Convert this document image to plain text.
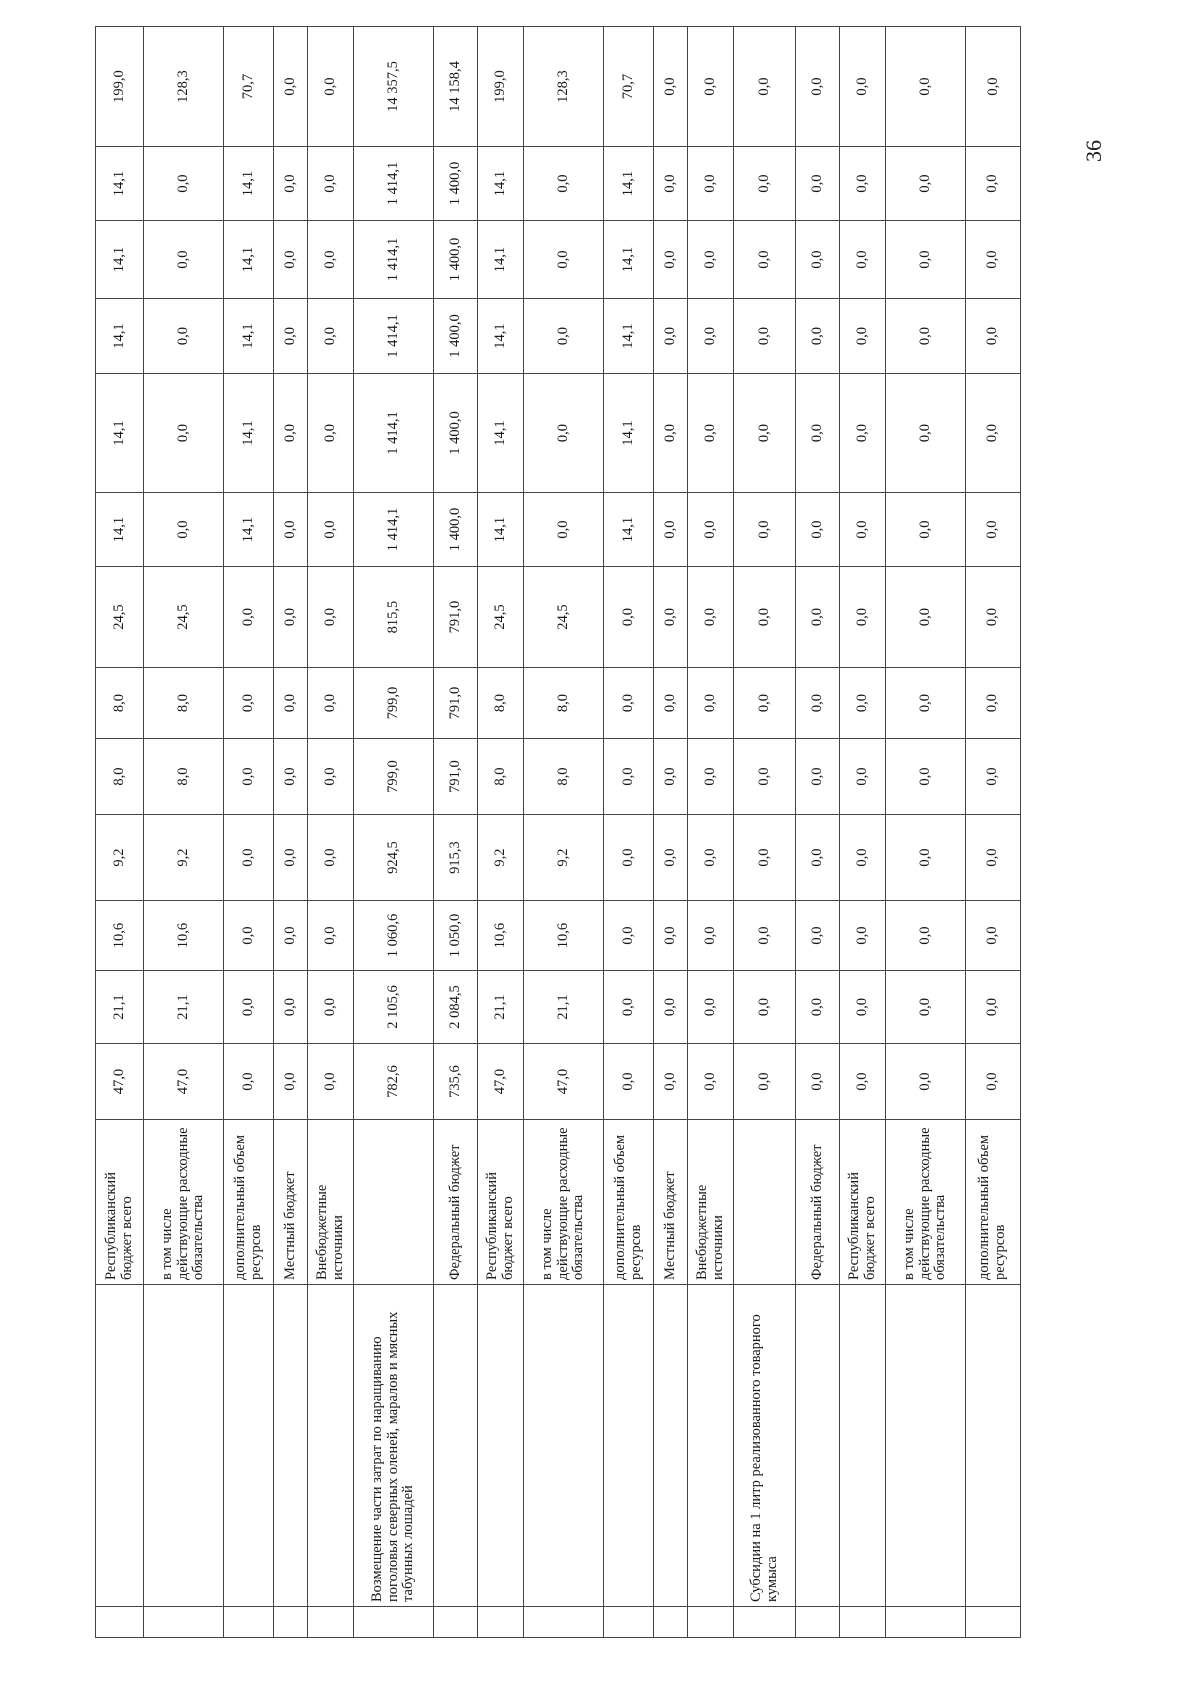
36
		Республиканский бюджет всего	47,0	21,1	10,6	9,2	8,0	8,0	24,5	14,1	14,1	14,1	14,1	14,1	199,0
		в том числе действующие расходные обязательства	47,0	21,1	10,6	9,2	8,0	8,0	24,5	0,0	0,0	0,0	0,0	0,0	128,3
		дополнительный объем ресурсов	0,0	0,0	0,0	0,0	0,0	0,0	0,0	14,1	14,1	14,1	14,1	14,1	70,7
		Местный бюджет	0,0	0,0	0,0	0,0	0,0	0,0	0,0	0,0	0,0	0,0	0,0	0,0	0,0
		Внебюджетные источники	0,0	0,0	0,0	0,0	0,0	0,0	0,0	0,0	0,0	0,0	0,0	0,0	0,0
	Возмещение части затрат по наращиванию поголовья северных оленей, маралов и мясных табунных лошадей		782,6	2 105,6	1 060,6	924,5	799,0	799,0	815,5	1 414,1	1 414,1	1 414,1	1 414,1	1 414,1	14 357,5
		Федеральный бюджет	735,6	2 084,5	1 050,0	915,3	791,0	791,0	791,0	1 400,0	1 400,0	1 400,0	1 400,0	1 400,0	14 158,4
		Республиканский бюджет всего	47,0	21,1	10,6	9,2	8,0	8,0	24,5	14,1	14,1	14,1	14,1	14,1	199,0
		в том числе действующие расходные обязательства	47,0	21,1	10,6	9,2	8,0	8,0	24,5	0,0	0,0	0,0	0,0	0,0	128,3
		дополнительный объем ресурсов	0,0	0,0	0,0	0,0	0,0	0,0	0,0	14,1	14,1	14,1	14,1	14,1	70,7
		Местный бюджет	0,0	0,0	0,0	0,0	0,0	0,0	0,0	0,0	0,0	0,0	0,0	0,0	0,0
		Внебюджетные источники	0,0	0,0	0,0	0,0	0,0	0,0	0,0	0,0	0,0	0,0	0,0	0,0	0,0
	Субсидии на 1 литр реализованного товарного кумыса		0,0	0,0	0,0	0,0	0,0	0,0	0,0	0,0	0,0	0,0	0,0	0,0	0,0
		Федеральный бюджет	0,0	0,0	0,0	0,0	0,0	0,0	0,0	0,0	0,0	0,0	0,0	0,0	0,0
		Республиканский бюджет всего	0,0	0,0	0,0	0,0	0,0	0,0	0,0	0,0	0,0	0,0	0,0	0,0	0,0
		в том числе действующие расходные обязательства	0,0	0,0	0,0	0,0	0,0	0,0	0,0	0,0	0,0	0,0	0,0	0,0	0,0
		дополнительный объем ресурсов	0,0	0,0	0,0	0,0	0,0	0,0	0,0	0,0	0,0	0,0	0,0	0,0	0,0
